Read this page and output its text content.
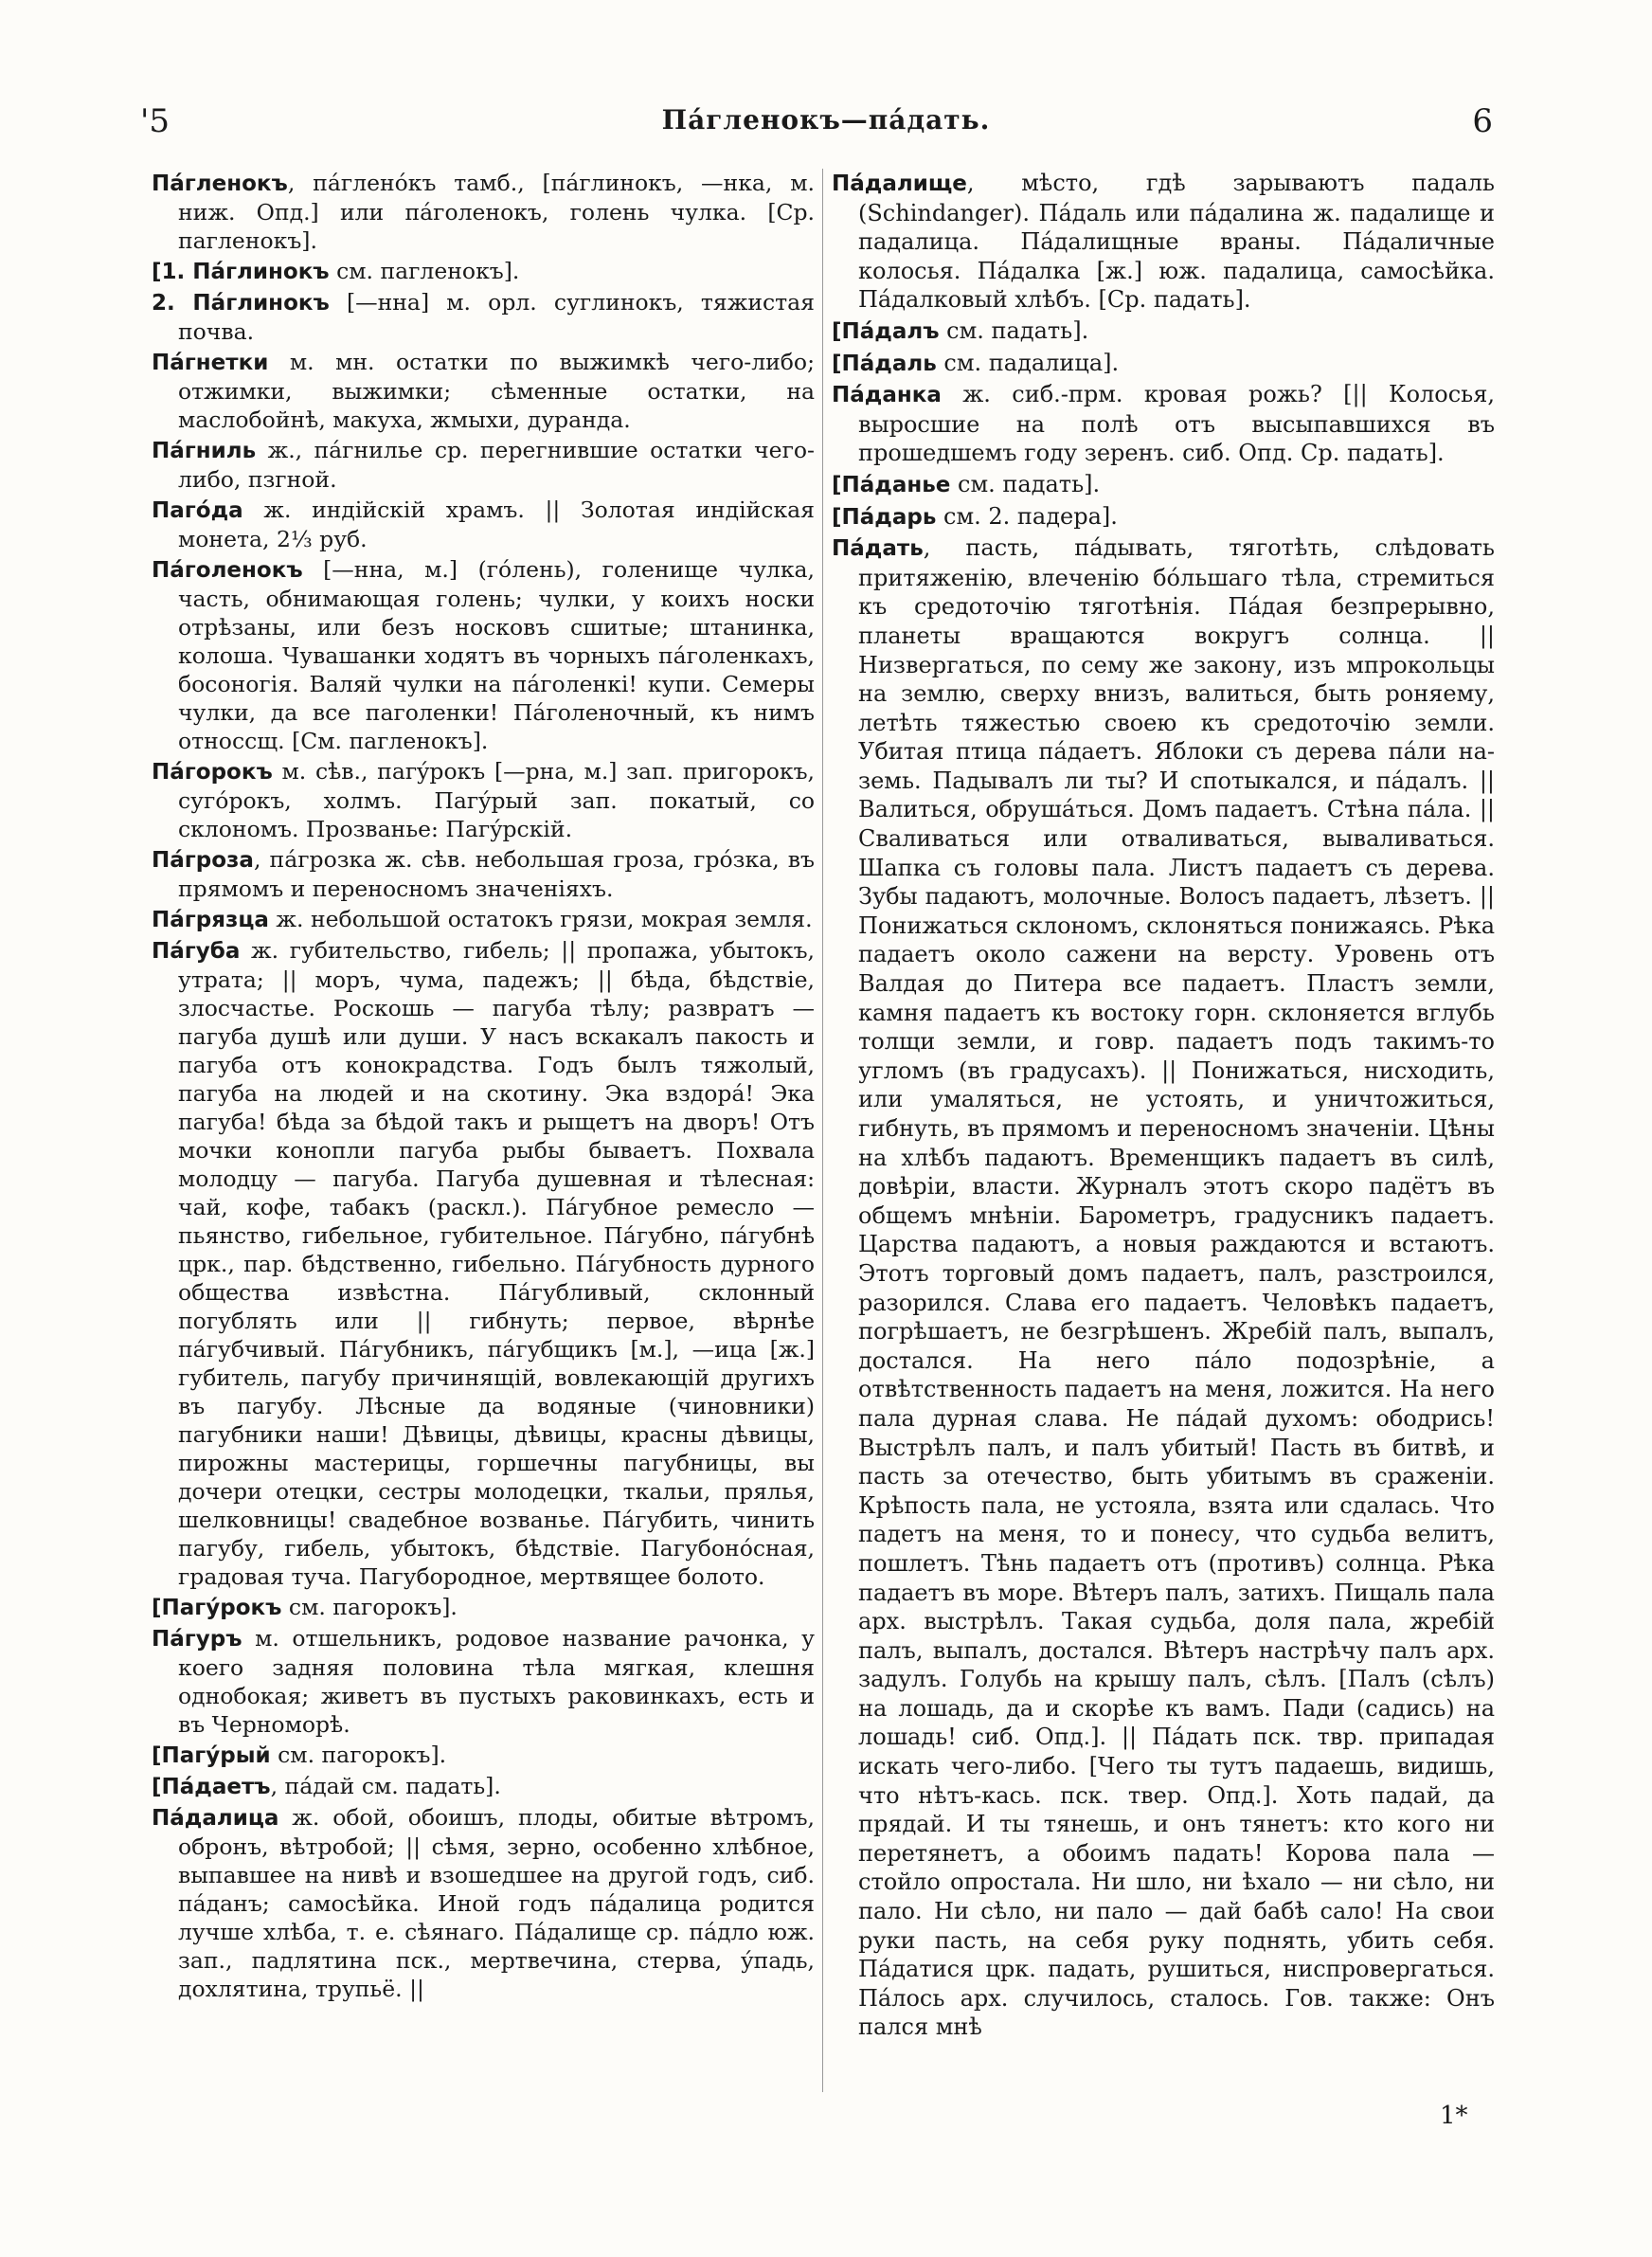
'5	Пáгленокъ—пáдать.	6

Пáгленокъ, пáгленóкъ тамб., [пáглинокъ, —нка, м. ниж. Опд.] или пáголенокъ, голень чулка. [Ср. пагленокъ].

[1. Пáглинокъ см. пагленокъ].

2. Пáглинокъ [—нна] м. орл. суглинокъ, тяжистая почва.

Пáгнетки м. мн. остатки по выжимкѣ чего-либо; отжимки, выжимки; сѣменные остатки, на маслобойнѣ, макуха, жмыхи, дуранда.

Пáгниль ж., пáгнилье ср. перегнившие остатки чего-либо, пзгной.

Пагóда ж. индійскій храмъ. || Золотая индійская монета, 2⅓ руб.

Пáголенокъ [—нна, м.] (гóлень), голенище чулка, часть, обнимающая голень; чулки, у коихъ носки отрѣзаны, или безъ носковъ сшитые; штанинка, колоша. Чувашанки ходятъ въ чорныхъ пáголенкахъ, босоногія. Валяй чулки на пáголенкі! купи. Семеры чулки, да все паголенки! Пáголеночный, къ нимъ относсщ. [См. пагленокъ].

Пáгорокъ м. сѣв., пагýрокъ [—рна, м.] зап. пригорокъ, сугóрокъ, холмъ. Пагýрый зап. покатый, со склономъ. Прозванье: Пагýрскій.

Пáгроза, пáгрозка ж. сѣв. небольшая гроза, грóзка, въ прямомъ и переносномъ значеніяхъ.

Пáгрязца ж. небольшой остатокъ грязи, мокрая земля.

Пáгуба ж. губительство, гибель; || пропажа, убытокъ, утрата; || моръ, чума, падежъ; || бѣда, бѣдствіе, злосчастье. Роскошь — пагуба тѣлу; развратъ — пагуба душѣ или души. У насъ вскакалъ пакость и пагуба отъ конокрадства. Годъ былъ тяжолый, пагуба на людей и на скотину. Эка вздорá! Эка пагуба! бѣда за бѣдой такъ и рыщетъ на дворъ! Отъ мочки конопли пагуба рыбы бываетъ. Похвала молодцу — пагуба. Пагуба душевная и тѣлесная: чай, кофе, табакъ (раскл.). Пáгубное ремесло — пьянство, гибельное, губительное. Пáгубно, пáгубнѣ црк., пар. бѣдственно, гибельно. Пáгубность дурного общества извѣстна. Пáгубливый, склонный погублять или || гибнуть; первое, вѣрнѣе пáгубчивый. Пáгубникъ, пáгубщикъ [м.], —ица [ж.] губитель, пагубу причинящій, вовлекающій другихъ въ пагубу. Лѣсные да водяные (чиновники) пагубники наши! Дѣвицы, дѣвицы, красны дѣвицы, пирожны мастерицы, горшечны пагубницы, вы дочери отецки, сестры молодецки, ткальи, прялья, шелковницы! свадебное возванье. Пáгубить, чинить пагубу, гибель, убытокъ, бѣдствіе. Пагубонóсная, градовая туча. Пагубородное, мертвящее болото.

[Пагýрокъ см. пагорокъ].

Пáгуръ м. отшельникъ, родовое название рачонка, у коего задняя половина тѣла мягкая, клешня однобокая; живетъ въ пустыхъ раковинкахъ, есть и въ Черноморѣ.

[Пагýрый см. пагорокъ].

[Пáдаетъ, пáдай см. падать].

Пáдалица ж. обой, обоишъ, плоды, обитые вѣтромъ, обронъ, вѣтробой; || сѣмя, зерно, особенно хлѣбное, выпавшее на нивѣ и взошедшее на другой годъ, сиб. пáданъ; самосѣйка. Иной годъ пáдалица родится лучше хлѣба, т. е. сѣянаго. Пáдалище ср. пáдло юж. зап., падлятина пск., мертвечина, стерва, ýпадь, дохлятина, трупьё. ||

Пáдалище, мѣсто, гдѣ зарываютъ падаль (Schindanger). Пáдаль или пáдалина ж. падалище и падалица. Пáдалищные враны. Пáдаличные колосья. Пáдалка [ж.] юж. падалица, самосѣйка. Пáдалковый хлѣбъ. [Ср. падать].

[Пáдалъ см. падать].

[Пáдаль см. падалица].

Пáданка ж. сиб.-прм. кровая рожь? [|| Колосья, выросшие на полѣ отъ высыпавшихся въ прошедшемъ году зеренъ. сиб. Опд. Ср. падать].

[Пáданье см. падать].

[Пáдарь см. 2. падера].

Пáдать, пасть, пáдывать, тяготѣть, слѣдовать притяженію, влеченію бóльшаго тѣла, стремиться къ средоточію тяготѣнія. Пáдая безпрерывно, планеты вращаются вокругъ солнца. || Низвергаться, по сему же закону, изъ мпрокольцы на землю, сверху внизъ, валиться, быть роняему, летѣть тяжестью своею къ средоточію земли. Убитая птица пáдаетъ. Яблоки съ дерева пáли на-земь. Падывалъ ли ты? И спотыкался, и пáдалъ. || Валиться, обрушáться. Домъ падаетъ. Стѣна пáла. || Сваливаться или отваливаться, вываливаться. Шапка съ головы пала. Листъ падаетъ съ дерева. Зубы падаютъ, молочные. Волосъ падаетъ, лѣзетъ. || Понижаться склономъ, склоняться понижаясь. Рѣка падаетъ около сажени на версту. Уровень отъ Валдая до Питера все падаетъ. Пластъ земли, камня падаетъ къ востоку горн. склоняется вглубь толщи земли, и говр. падаетъ подъ такимъ-то угломъ (въ градусахъ). || Понижаться, нисходить, или умаляться, не устоять, и уничтожиться, гибнуть, въ прямомъ и переносномъ значеніи. Цѣны на хлѣбъ падаютъ. Временщикъ падаетъ въ силѣ, довѣріи, власти. Журналъ этотъ скоро падётъ въ общемъ мнѣніи. Барометръ, градусникъ падаетъ. Царства падаютъ, а новыя раждаются и встаютъ. Этотъ торговый домъ падаетъ, палъ, разстроился, разорился. Слава его падаетъ. Человѣкъ падаетъ, погрѣшаетъ, не безгрѣшенъ. Жребій палъ, выпалъ, достался. На него пáло подозрѣніе, а отвѣтственность падаетъ на меня, ложится. На него пала дурная слава. Не пáдай духомъ: ободрись! Выстрѣлъ палъ, и палъ убитый! Пасть въ битвѣ, и пасть за отечество, быть убитымъ въ сраженіи. Крѣпость пала, не устояла, взята или сдалась. Что падетъ на меня, то и понесу, что судьба велитъ, пошлетъ. Тѣнь падаетъ отъ (противъ) солнца. Рѣка падаетъ въ море. Вѣтеръ палъ, затихъ. Пищаль пала арх. выстрѣлъ. Такая судьба, доля пала, жребій палъ, выпалъ, достался. Вѣтеръ настрѣчу палъ арх. задулъ. Голубь на крышу палъ, сѣлъ. [Палъ (сѣлъ) на лошадь, да и скорѣе къ вамъ. Пади (садись) на лошадь! сиб. Опд.]. || Пáдать пск. твр. припадая искать чего-либо. [Чего ты тутъ падаешь, видишь, что нѣтъ-кась. пск. твер. Опд.]. Хоть падай, да прядай. И ты тянешь, и онъ тянетъ: кто кого ни перетянетъ, а обоимъ падать! Корова пала — стойло опростала. Ни шло, ни ѣхало — ни сѣло, ни пало. Ни сѣло, ни пало — дай бабѣ сало! На свои руки пасть, на себя руку поднять, убить себя. Пáдатися црк. падать, рушиться, ниспровергаться. Пáлось арх. случилось, сталось. Гов. также: Онъ пался мнѣ

1*
